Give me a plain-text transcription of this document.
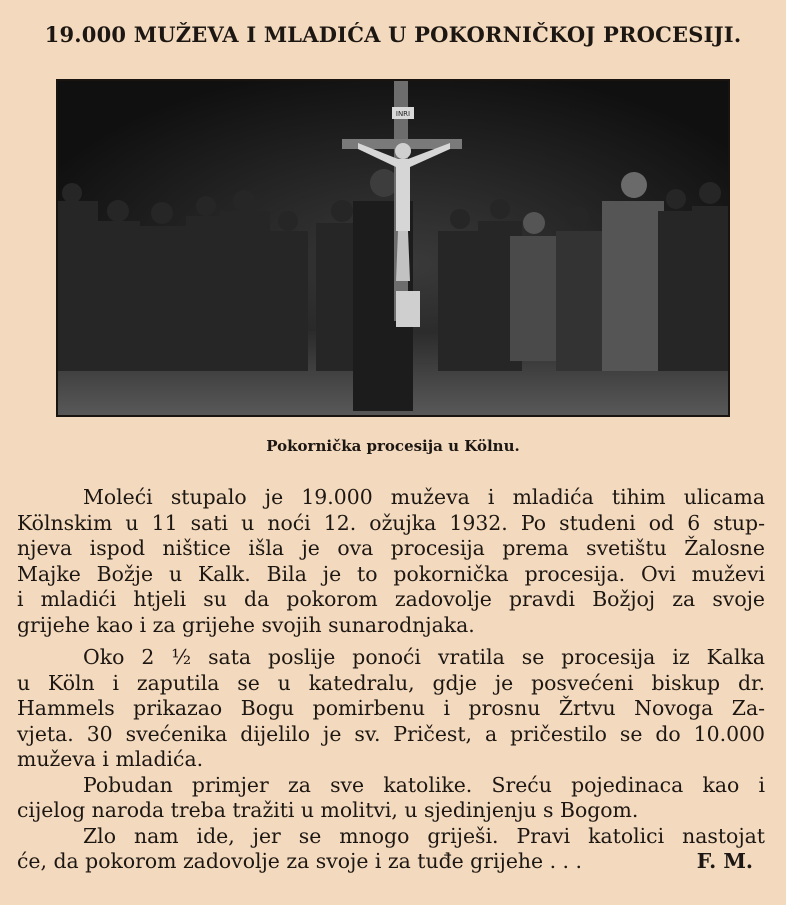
19.000 MUŽEVA I MLADIĆA U POKORNIČKOJ PROCESIJI.
INRI
Pokornička procesija u Kölnu.

Moleći stupalo je 19.000 muževa i mladića tihim ulicama

Kölnskim u 11 sati u noći 12. ožujka 1932. Po studeni od 6 stup-

njeva ispod ništice išla je ova procesija prema svetištu Žalosne

Majke Božje u Kalk. Bila je to pokornička procesija. Ovi muževi

i mladići htjeli su da pokorom zadovolje pravdi Božjoj za svoje

grijehe kao i za grijehe svojih sunarodnjaka.

Oko 2 ½ sata poslije ponoći vratila se procesija iz Kalka

u Köln i zaputila se u katedralu, gdje je posvećeni biskup dr.

Hammels prikazao Bogu pomirbenu i prosnu Žrtvu Novoga Za-

vjeta. 30 svećenika dijelilo je sv. Pričest, a pričestilo se do 10.000

muževa i mladića.

Pobudan primjer za sve katolike. Sreću pojedinaca kao i

cijelog naroda treba tražiti u molitvi, u sjedinjenju s Bogom.

Zlo nam ide, jer se mnogo griješi. Pravi katolici nastojat

će, da pokorom zadovolje za svoje i za tuđe grijehe . . .	F. M.
